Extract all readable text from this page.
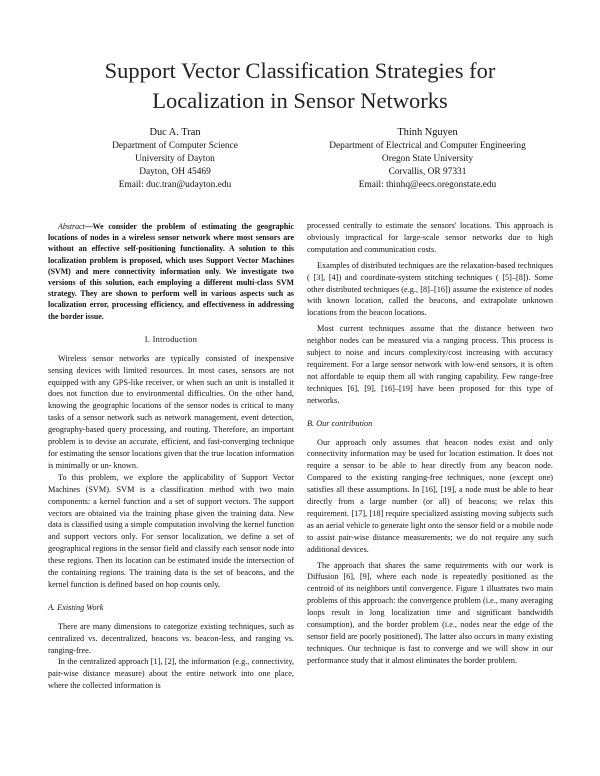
Support Vector Classification Strategies for
Localization in Sensor Networks
Duc A. Tran
Department of Computer Science
University of Dayton
Dayton, OH 45469
Email: duc.tran@udayton.edu
Thinh Nguyen
Department of Electrical and Computer Engineering
Oregon State University
Corvallis, OR 97331
Email: thinhq@eecs.oregonstate.edu

Abstract—We consider the problem of estimating the geographic locations of nodes in a wireless sensor network where most sensors are without an effective self-positioning functionality. A solution to this localization problem is proposed, which uses Support Vector Machines (SVM) and mere connectivity information only. We investigate two versions of this solution, each employing a different multi-class SVM strategy. They are shown to perform well in various aspects such as localization error, processing efficiency, and effectiveness in addressing the border issue.

I. Introduction

Wireless sensor networks are typically consisted of inexpensive sensing devices with limited resources. In most cases, sensors are not equipped with any GPS-like receiver, or when such an unit is installed it does not function due to environmental difficulties. On the other hand, knowing the geographic locations of the sensor nodes is critical to many tasks of a sensor network such as network management, event detection, geography-based query processing, and routing. Therefore, an important problem is to devise an accurate, efficient, and fast-converging technique for estimating the sensor locations given that the true location information is minimally or un- known.

To this problem, we explore the applicability of Support Vector Machines (SVM). SVM is a classification method with two main components: a kernel function and a set of support vectors. The support vectors are obtained via the training phase given the training data. New data is classified using a simple computation involving the kernel function and support vectors only. For sensor localization, we define a set of geographical regions in the sensor field and classify each sensor node into these regions. Then its location can be estimated inside the intersection of the containing regions. The training data is the set of beacons, and the kernel function is defined based on hop counts only.

A. Existing Work

There are many dimensions to categorize existing techniques, such as centralized vs. decentralized, beacons vs. beacon-less, and ranging vs. ranging-free.

In the centralized approach [1], [2], the information (e.g., connectivity, pair-wise distance measure) about the entire network into one place, where the collected information is

processed centrally to estimate the sensors' locations. This approach is obviously impractical for large-scale sensor networks due to high computation and communication costs.

Examples of distributed techniques are the relaxation-based techniques ( [3], [4]) and coordinate-system stitching techniques ( [5]–[8]). Some other distributed techniques (e.g., [8]–[16]) assume the existence of nodes with known location, called the beacons, and extrapolate unknown locations from the beacon locations.

Most current techniques assume that the distance between two neighbor nodes can be measured via a ranging process. This process is subject to noise and incurs complexity/cost increasing with accuracy requirement. For a large sensor network with low-end sensors, it is often not affordable to equip them all with ranging capability. Few range-free techniques [6], [9], [16]–[19] have been proposed for this type of networks.

B. Our contribution

Our approach only assumes that beacon nodes exist and only connectivity information may be used for location estimation. It does not require a sensor to be able to hear directly from any beacon node. Compared to the existing ranging-free techniques, none (except one) satisfies all these assumptions. In [16], [19], a node must be able to hear directly from a large number (or all) of beacons; we relax this requirement. [17], [18] require specialized assisting moving subjects such as an aerial vehicle to generate light onto the sensor field or a mobile node to assist pair-wise distance measurements; we do not require any such additional devices.

The approach that shares the same requirements with our work is Diffusion [6], [9], where each node is repeatedly positioned as the centroid of its neighbors until convergence. Figure 1 illustrates two main problems of this approach: the convergence problem (i.e., many averaging loops result in long localization time and significant bandwidth consumption), and the border problem (i.e., nodes near the edge of the sensor field are poorly positioned). The latter also occurs in many existing techniques. Our technique is fast to converge and we will show in our performance study that it almost eliminates the border problem.
